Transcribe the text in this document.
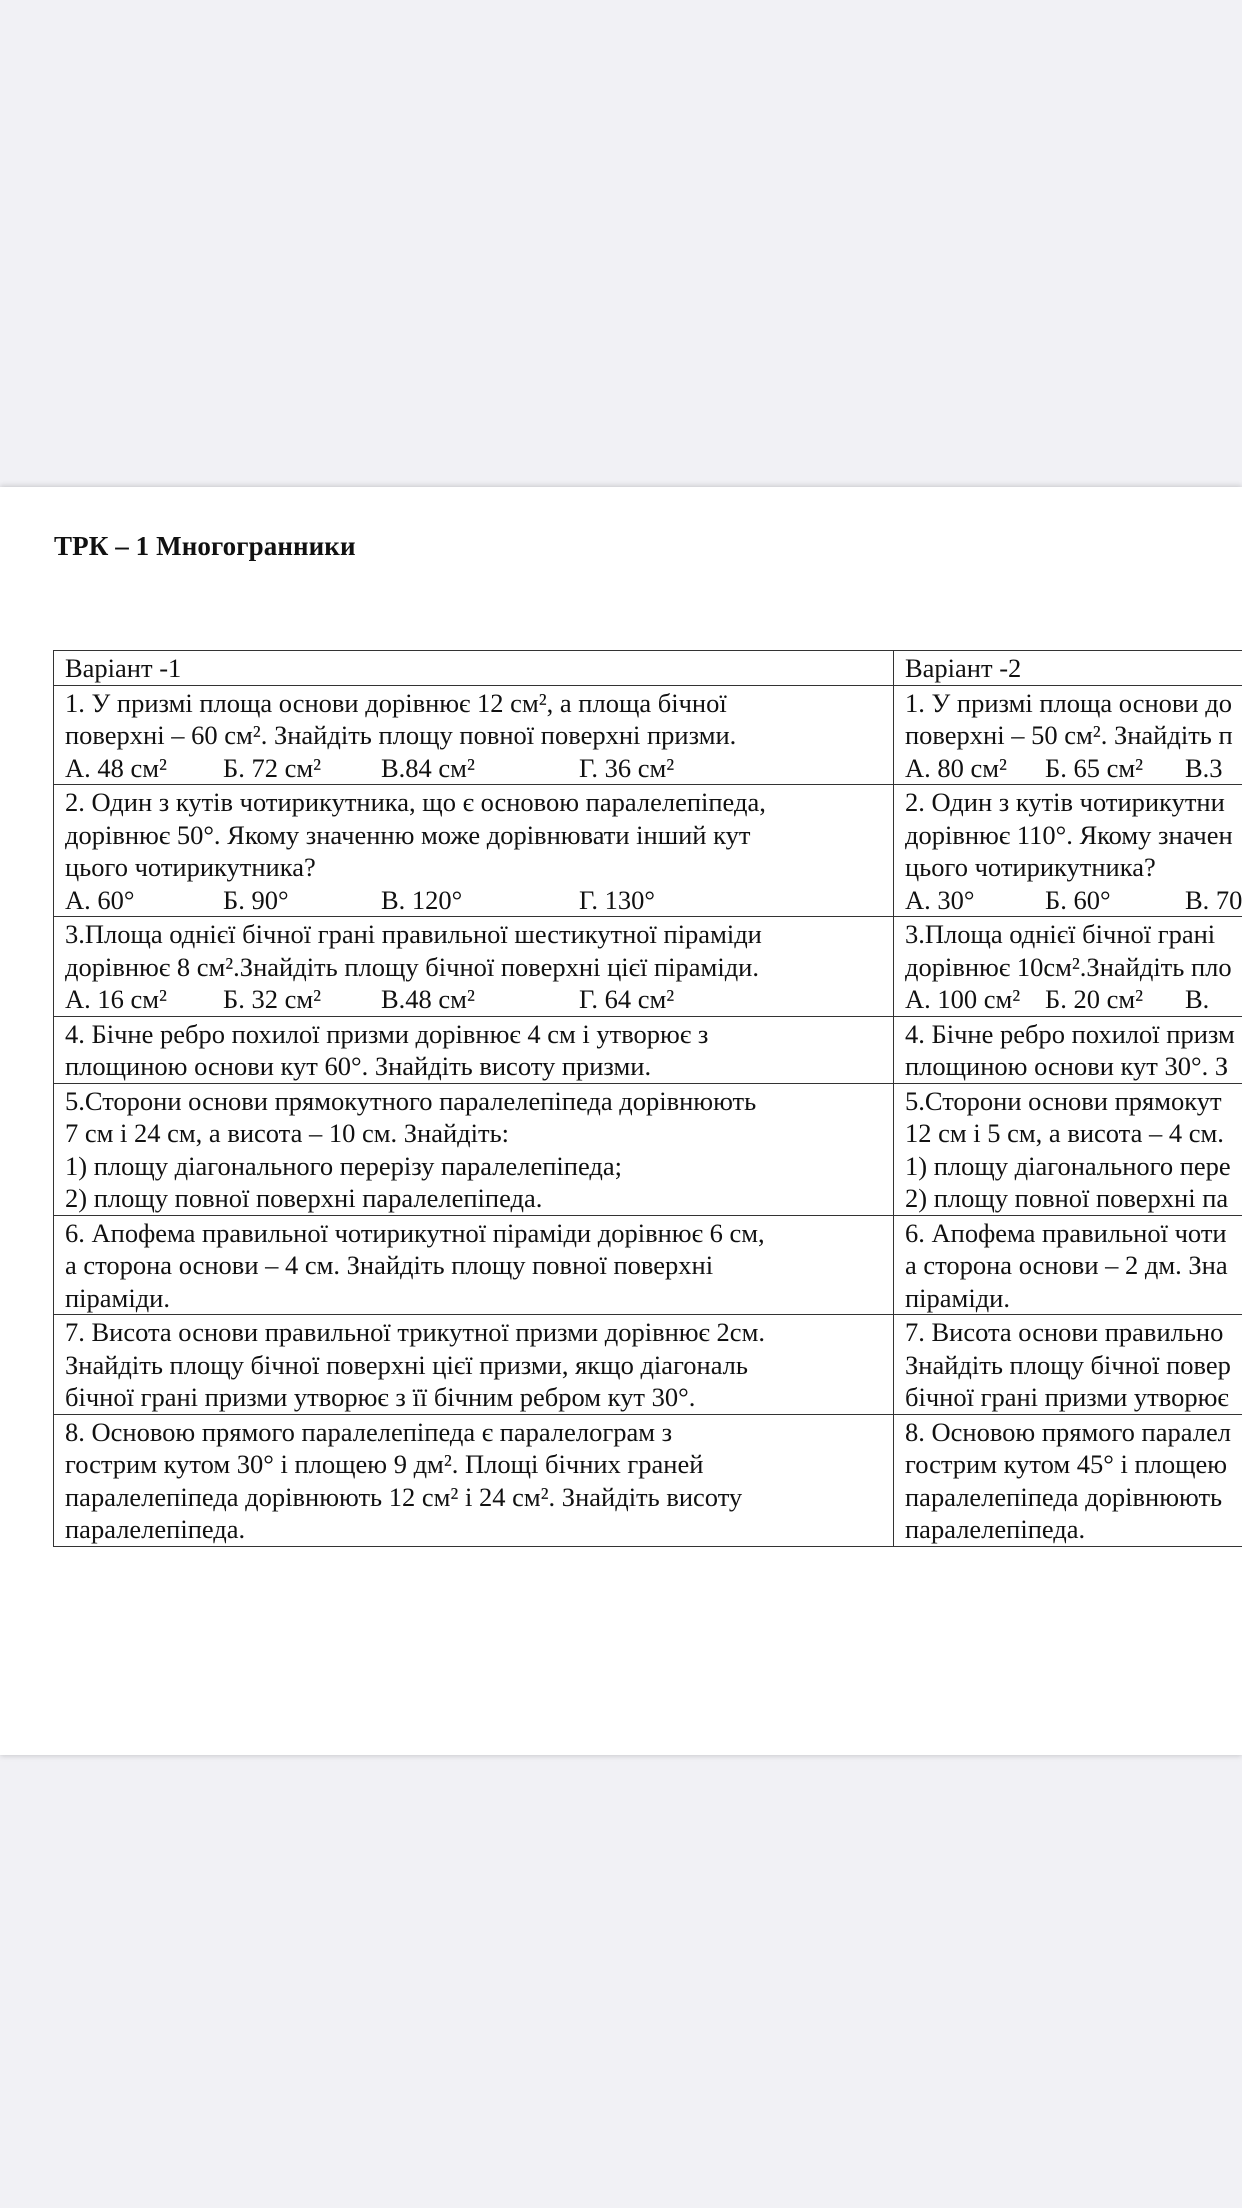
ТРК – 1 Многогранники
Варіант -1	Варіант -2

1. У призмі площа основи дорівнює 12 см², а площа бічної
поверхні – 60 см². Знайдіть площу повної поверхні призми.
А. 48 см² Б. 72 см² В.84 см² Г. 36 см²	1. У призмі площа основи до
поверхні – 50 см². Знайдіть п
А. 80 см² Б. 65 см² В.3

2. Один з кутів чотирикутника, що є основою паралелепіпеда,
дорівнює 50°. Якому значенню може дорівнювати інший кут
цього чотирикутника?
А. 60° Б. 90° В. 120° Г. 130°	2. Один з кутів чотирикутни
дорівнює 110°. Якому значен
цього чотирикутника?
А. 30° Б. 60° В. 70

3.Площа однієї бічної грані правильної шестикутної піраміди
дорівнює 8 см².Знайдіть площу бічної поверхні цієї піраміди.
А. 16 см² Б. 32 см² В.48 см² Г. 64 см²	3.Площа однієї бічної грані
дорівнює 10см².Знайдіть пло
А. 100 см² Б. 20 см² В.

4. Бічне ребро похилої призми дорівнює 4 см і утворює з
площиною основи кут 60°. Знайдіть висоту призми.	4. Бічне ребро похилої призм
площиною основи кут 30°. З

5.Сторони основи прямокутного паралелепіпеда дорівнюють
7 см і 24 см, а висота – 10 см. Знайдіть:
1) площу діагонального перерізу паралелепіпеда;
2) площу повної поверхні паралелепіпеда.	5.Сторони основи прямокут
12 см і 5 см, а висота – 4 см.
1) площу діагонального пере
2) площу повної поверхні па

6. Апофема правильної чотирикутної піраміди дорівнює 6 см,
а сторона основи – 4 см. Знайдіть площу повної поверхні
піраміди.	6. Апофема правильної чоти
а сторона основи – 2 дм. Зна
піраміди.

7. Висота основи правильної трикутної призми дорівнює 2см.
Знайдіть площу бічної поверхні цієї призми, якщо діагональ
бічної грані призми утворює з її бічним ребром кут 30°.	7. Висота основи правильно
Знайдіть площу бічної повер
бічної грані призми утворює

8. Основою прямого паралелепіпеда є паралелограм з
гострим кутом 30° і площею 9 дм². Площі бічних граней
паралелепіпеда дорівнюють 12 см² і 24 см². Знайдіть висоту
паралелепіпеда.	8. Основою прямого паралел
гострим кутом 45° і площею
паралелепіпеда дорівнюють
паралелепіпеда.
